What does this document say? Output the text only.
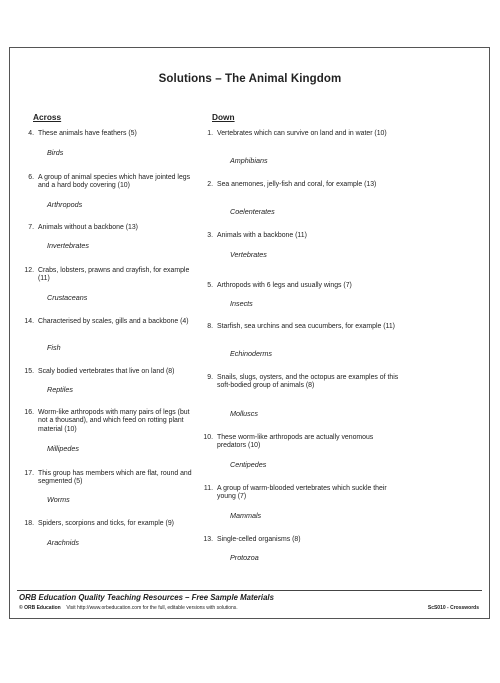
Solutions – The Animal Kingdom
Across	Down
4. These animals have feathers (5)
Birds
6. A group of animal species which have jointed legs and a hard body covering (10)
Arthropods
7. Animals without a backbone (13)
Invertebrates
12. Crabs, lobsters, prawns and crayfish, for example (11)
Crustaceans
14. Characterised by scales, gills and a backbone (4)
Fish
15. Scaly bodied vertebrates that live on land (8)
Reptiles
16. Worm-like arthropods with many pairs of legs (but not a thousand), and which feed on rotting plant material (10)
Millipedes
17. This group has members which are flat, round and segmented (5)
Worms
18. Spiders, scorpions and ticks, for example (9)
Arachnids
1. Vertebrates which can survive on land and in water (10)
Amphibians
2. Sea anemones, jelly-fish and coral, for example (13)
Coelenterates
3. Animals with a backbone (11)
Vertebrates
5. Arthropods with 6 legs and usually wings (7)
Insects
8. Starfish, sea urchins and sea cucumbers, for example (11)
Echinoderms
9. Snails, slugs, oysters, and the octopus are examples of this soft-bodied group of animals (8)
Molluscs
10. These worm-like arthropods are actually venomous predators (10)
Centipedes
11. A group of warm-blooded vertebrates which suckle their young (7)
Mammals
13. Single-celled organisms (8)
Protozoa
ORB Education Quality Teaching Resources – Free Sample Materials
© ORB Education Visit http://www.orbeducation.com for the full, editable versions with solutions.	ScS010 - Crosswords
